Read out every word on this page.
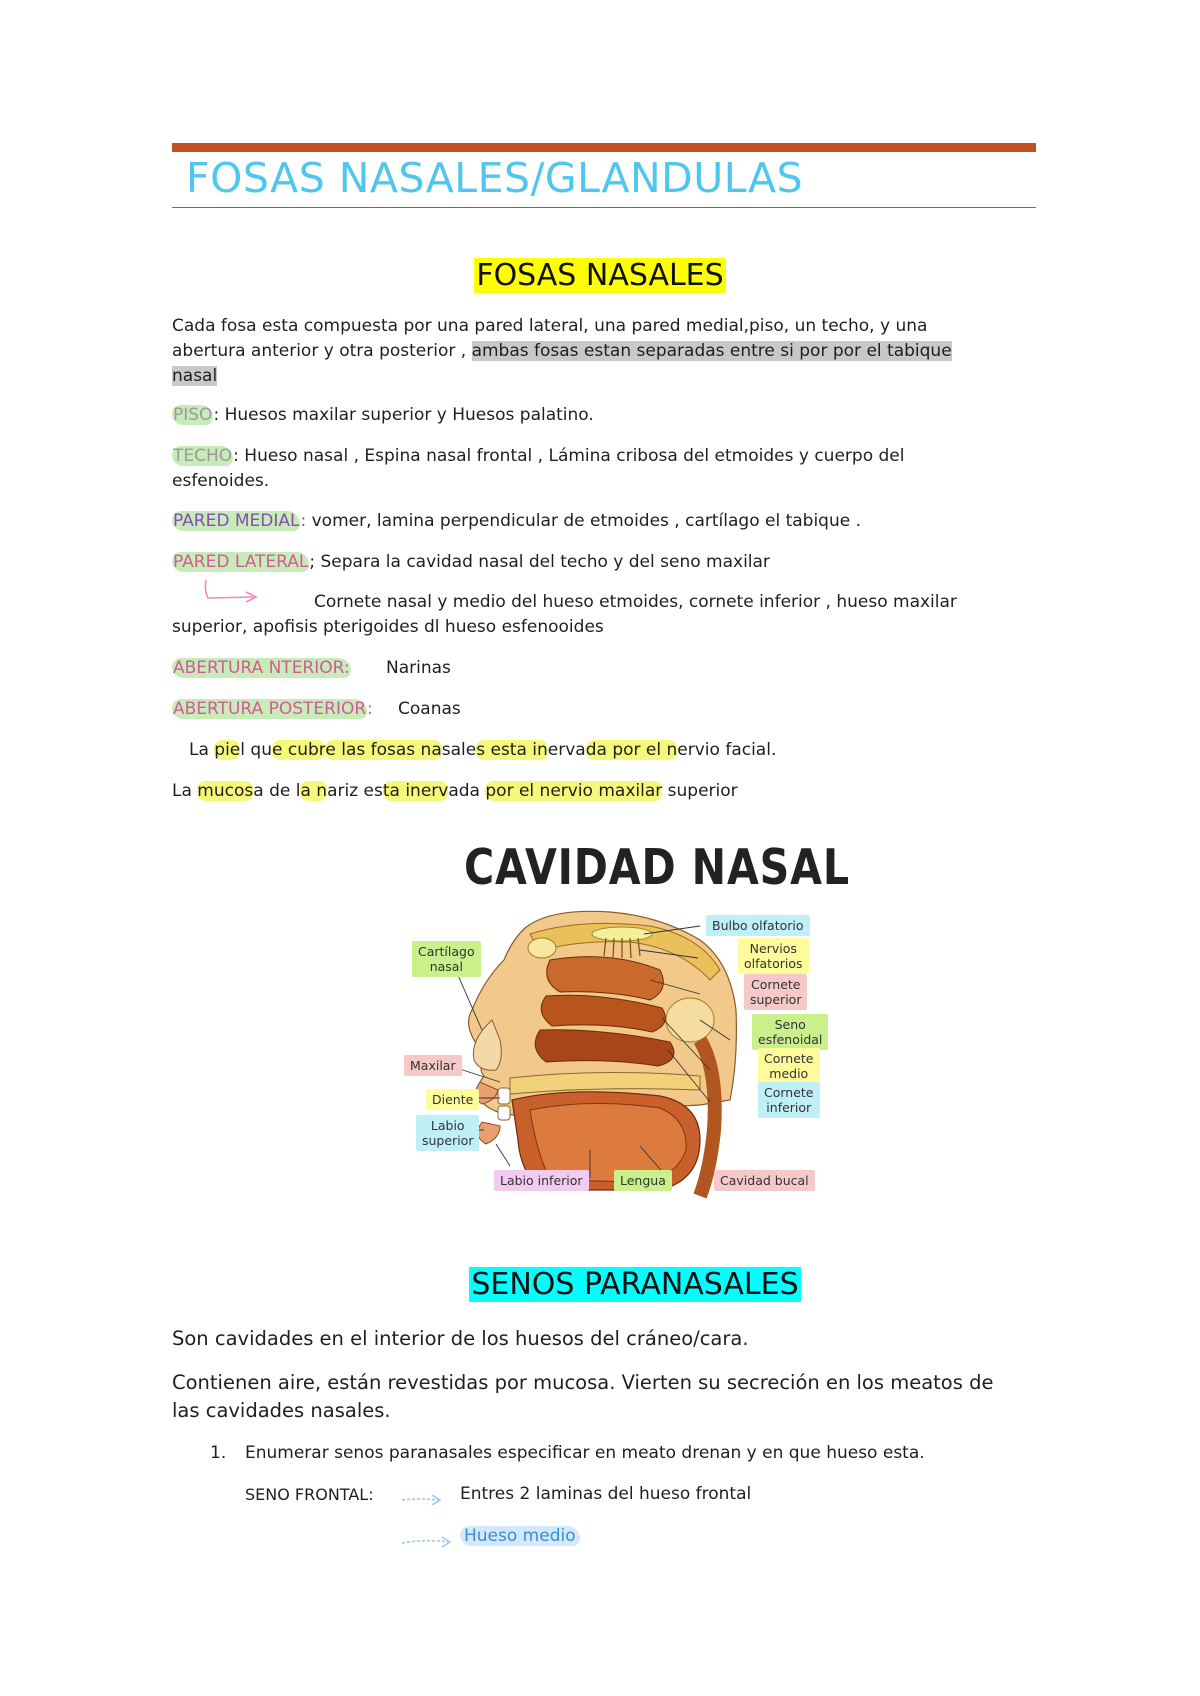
FOSAS NASALES/GLANDULAS
FOSAS NASALES
Cada fosa esta compuesta por una pared lateral, una pared medial,piso, un techo, y una
abertura anterior y otra posterior , ambas fosas estan separadas entre si por por el tabique
nasal
PISO: Huesos maxilar superior y Huesos palatino.
TECHO: Hueso nasal , Espina nasal frontal , Lámina cribosa del etmoides y cuerpo del
esfenoides.
PARED MEDIAL: vomer, lamina perpendicular de etmoides , cartílago el tabique .
PARED LATERAL; Separa la cavidad nasal del techo y del seno maxilar
Cornete nasal y medio del hueso etmoides, cornete inferior , hueso maxilar
superior, apofisis pterigoides dl hueso esfenooides
ABERTURA NTERIOR: Narinas
ABERTURA POSTERIOR: Coanas
La piel que cubre las fosas nasales esta inervada por el nervio facial.
La mucosa de la nariz esta inervada por el nervio maxilar superior
CAVIDAD NASAL
Bulbo olfatorio
Nervios
olfatorios
Cornete
superior
Seno
esfenoidal
Cornete
medio
Cornete
inferior
Cartílago
nasal
Maxilar
Diente
Labio
superior
Labio inferior	Lengua	Cavidad bucal
SENOS PARANASALES
Son cavidades en el interior de los huesos del cráneo/cara.
Contienen aire, están revestidas por mucosa. Vierten su secreción en los meatos de
las cavidades nasales.
1. Enumerar senos paranasales especificar en meato drenan y en que hueso esta.
SENO FRONTAL:	Entres 2 laminas del hueso frontal
Hueso medio
